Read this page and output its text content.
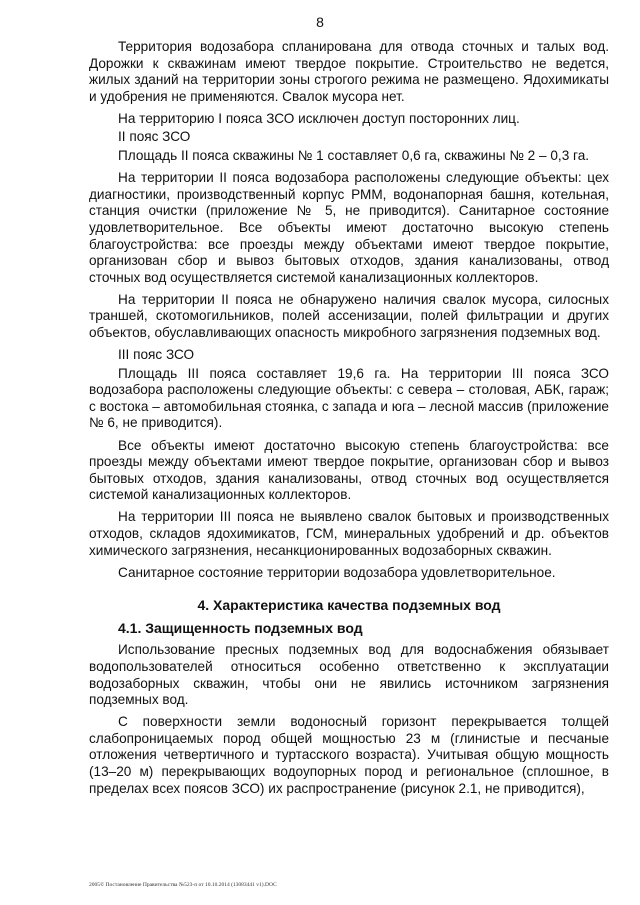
8

Территория водозабора спланирована для отвода сточных и талых вод. Дорожки к скважинам имеют твердое покрытие. Строительство не ведется, жилых зданий на территории зоны строгого режима не размещено. Ядохимикаты и удобрения не применяются. Свалок мусора нет.

На территорию I пояса ЗСО исключен доступ посторонних лиц.

II пояс ЗСО

Площадь II пояса скважины № 1 составляет 0,6 га, скважины № 2 – 0,3 га.

На территории II пояса водозабора расположены следующие объекты: цех диагностики, производственный корпус РММ, водонапорная башня, котельная, станция очистки (приложение № 5, не приводится). Санитарное состояние удовлетворительное. Все объекты имеют достаточно высокую степень благоустройства: все проезды между объектами имеют твердое покрытие, организован сбор и вывоз бытовых отходов, здания канализованы, отвод сточных вод осуществляется системой канализационных коллекторов.

На территории II пояса не обнаружено наличия свалок мусора, силосных траншей, скотомогильников, полей ассенизации, полей фильтрации и других объектов, обуславливающих опасность микробного загрязнения подземных вод.

III пояс ЗСО

Площадь III пояса составляет 19,6 га. На территории III пояса ЗСО водозабора расположены следующие объекты: с севера – столовая, АБК, гараж; с востока – автомобильная стоянка, с запада и юга – лесной массив (приложение № 6, не приводится).

Все объекты имеют достаточно высокую степень благоустройства: все проезды между объектами имеют твердое покрытие, организован сбор и вывоз бытовых отходов, здания канализованы, отвод сточных вод осуществляется системой канализационных коллекторов.

На территории III пояса не выявлено свалок бытовых и производственных отходов, складов ядохимикатов, ГСМ, минеральных удобрений и др. объектов химического загрязнения, несанкционированных водозаборных скважин.

Санитарное состояние территории водозабора удовлетворительное.

4. Характеристика качества подземных вод
4.1. Защищенность подземных вод

Использование пресных подземных вод для водоснабжения обязывает водопользователей относиться особенно ответственно к эксплуатации водозаборных скважин, чтобы они не явились источником загрязнения подземных вод.

С поверхности земли водоносный горизонт перекрывается толщей слабопроницаемых пород общей мощностью 23 м (глинистые и песчаные отложения четвертичного и туртасского возраста). Учитывая общую мощность (13–20 м) перекрывающих водоупорных пород и региональное (сплошное, в пределах всех поясов ЗСО) их распространение (рисунок 2.1, не приводится),

2005© Постановление Правительства №523-п от 10.10.2014 (13083441 v1).DOC
